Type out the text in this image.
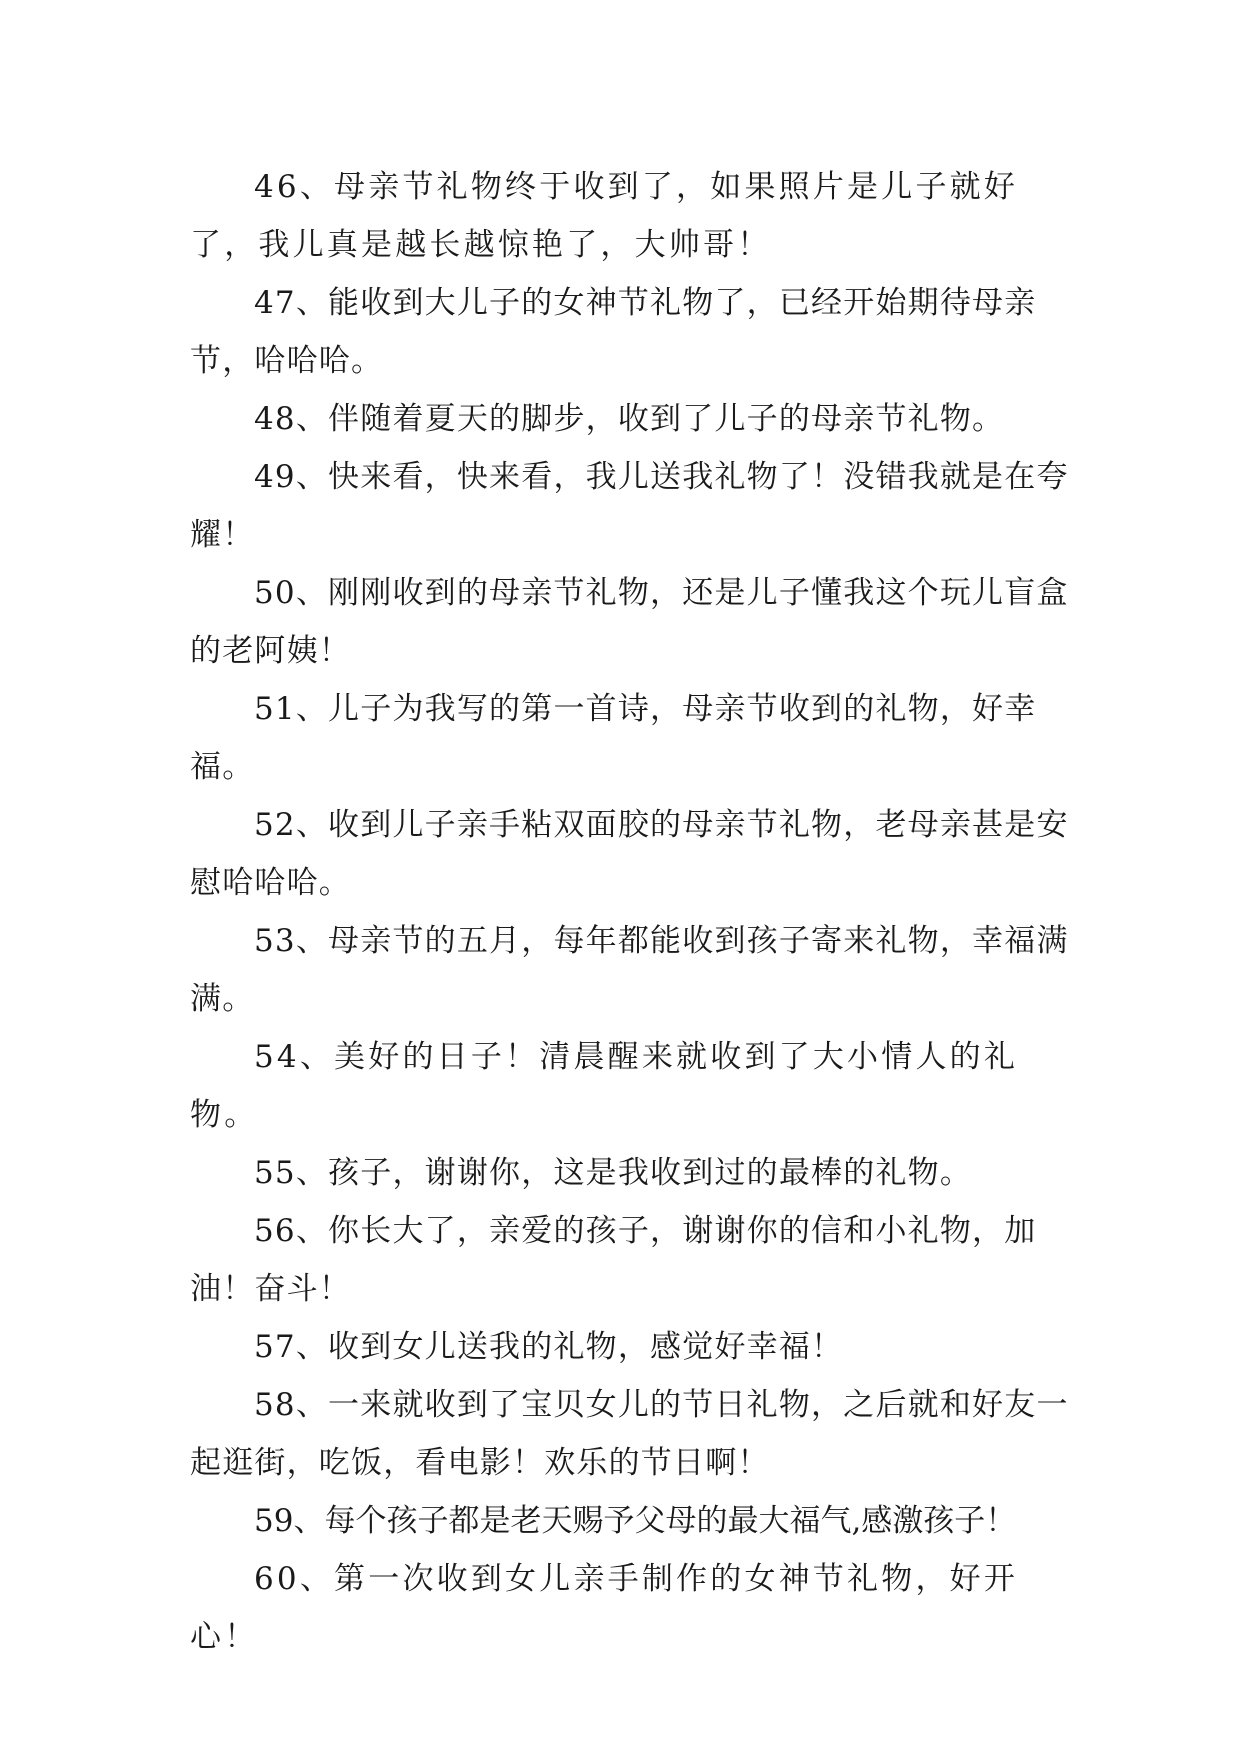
46、母亲节礼物终于收到了，如果照片是儿子就好了，我儿真是越长越惊艳了，大帅哥！

47、能收到大儿子的女神节礼物了，已经开始期待母亲节，哈哈哈。

48、伴随着夏天的脚步，收到了儿子的母亲节礼物。

49、快来看，快来看，我儿送我礼物了！没错我就是在夸耀！

50、刚刚收到的母亲节礼物，还是儿子懂我这个玩儿盲盒的老阿姨！

51、儿子为我写的第一首诗，母亲节收到的礼物，好幸福。

52、收到儿子亲手粘双面胶的母亲节礼物，老母亲甚是安慰哈哈哈。

53、母亲节的五月，每年都能收到孩子寄来礼物，幸福满满。

54、美好的日子！清晨醒来就收到了大小情人的礼物。

55、孩子，谢谢你，这是我收到过的最棒的礼物。

56、你长大了，亲爱的孩子，谢谢你的信和小礼物，加油！奋斗！

57、收到女儿送我的礼物，感觉好幸福！

58、一来就收到了宝贝女儿的节日礼物，之后就和好友一起逛街，吃饭，看电影！欢乐的节日啊！

59、每个孩子都是老天赐予父母的最大福气,感激孩子！

60、第一次收到女儿亲手制作的女神节礼物，好开心！
